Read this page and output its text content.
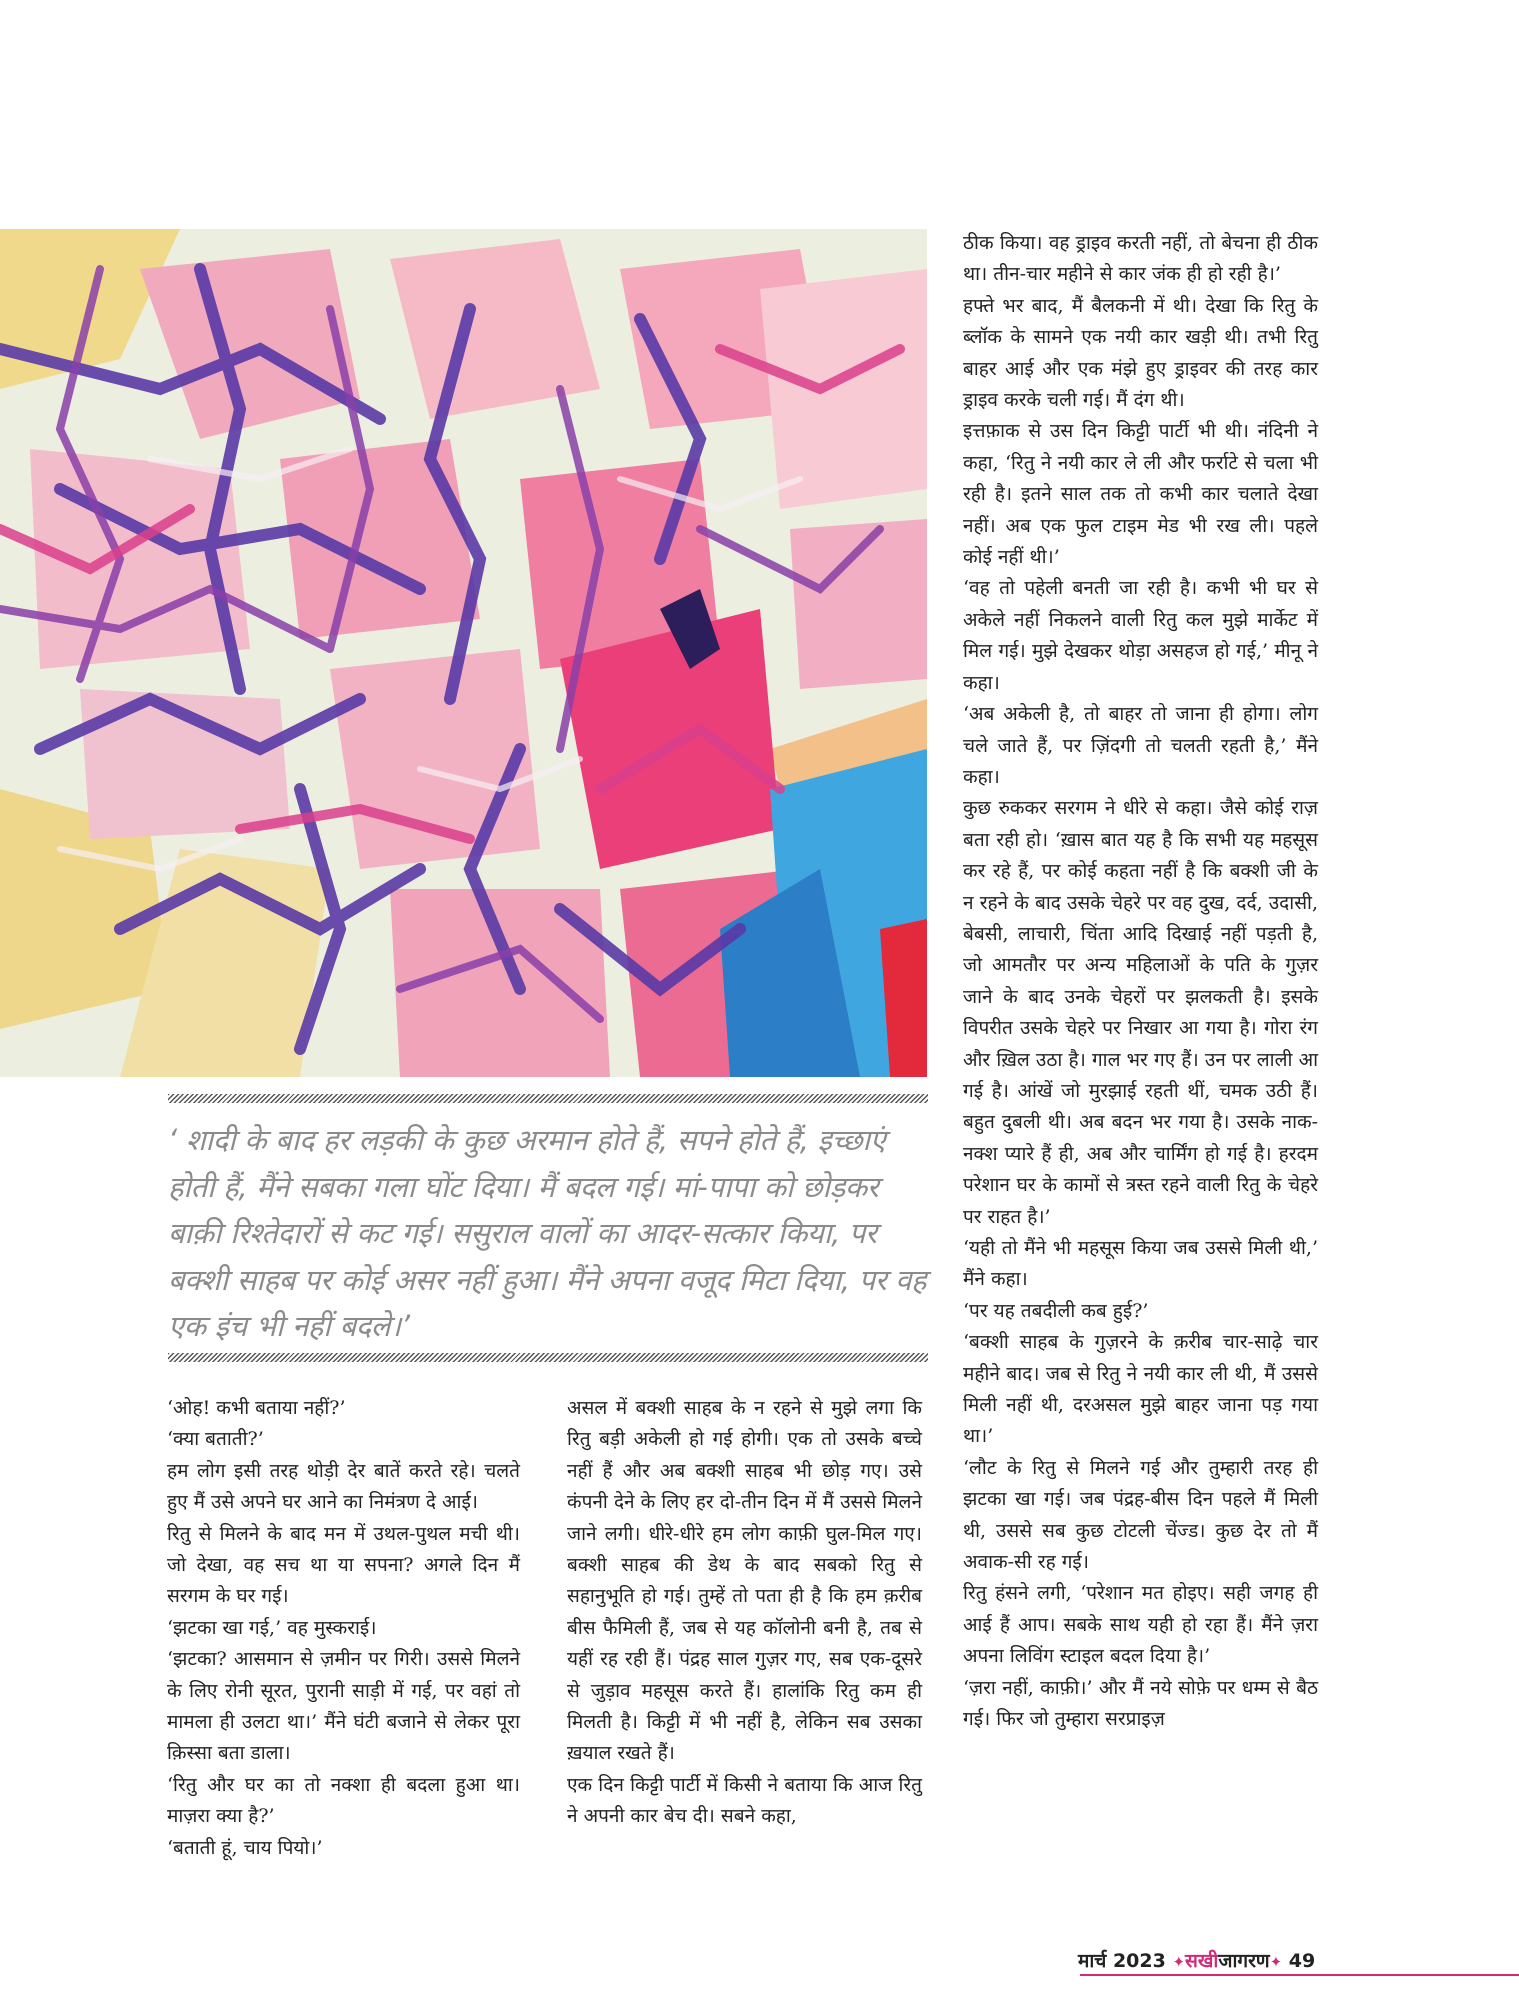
‘ शादी के बाद हर लड़की के कुछ अरमान होते हैं, सपने होते हैं, इच्छाएं होती हैं, मैंने सबका गला घोंट दिया। मैं बदल गई। मां-पापा को छोड़कर बाक़ी रिश्तेदारों से कट गई। ससुराल वालों का आदर-सत्कार किया, पर बक्शी साहब पर कोई असर नहीं हुआ। मैंने अपना वजूद मिटा दिया, पर वह एक इंच भी नहीं बदले।’

ठीक किया। वह ड्राइव करती नहीं, तो बेचना ही ठीक था। तीन-चार महीने से कार जंक ही हो रही है।’

हफ्ते भर बाद, मैं बैलकनी में थी। देखा कि रितु के ब्लॉक के सामने एक नयी कार खड़ी थी। तभी रितु बाहर आई और एक मंझे हुए ड्राइवर की तरह कार ड्राइव करके चली गई। मैं दंग थी।

इत्तफ़ाक से उस दिन किट्टी पार्टी भी थी। नंदिनी ने कहा, ‘रितु ने नयी कार ले ली और फर्राटे से चला भी रही है। इतने साल तक तो कभी कार चलाते देखा नहीं। अब एक फुल टाइम मेड भी रख ली। पहले कोई नहीं थी।’

‘वह तो पहेली बनती जा रही है। कभी भी घर से अकेले नहीं निकलने वाली रितु कल मुझे मार्केट में मिल गई। मुझे देखकर थोड़ा असहज हो गई,’ मीनू ने कहा।

‘अब अकेली है, तो बाहर तो जाना ही होगा। लोग चले जाते हैं, पर ज़िंदगी तो चलती रहती है,’ मैंने कहा।

कुछ रुककर सरगम ने धीरे से कहा। जैसे कोई राज़ बता रही हो। ‘ख़ास बात यह है कि सभी यह महसूस कर रहे हैं, पर कोई कहता नहीं है कि बक्शी जी के न रहने के बाद उसके चेहरे पर वह दुख, दर्द, उदासी, बेबसी, लाचारी, चिंता आदि दिखाई नहीं पड़ती है, जो आमतौर पर अन्य महिलाओं के पति के गुज़र जाने के बाद उनके चेहरों पर झलकती है। इसके विपरीत उसके चेहरे पर निखार आ गया है। गोरा रंग और ख़िल उठा है। गाल भर गए हैं। उन पर लाली आ गई है। आंखें जो मुरझाई रहती थीं, चमक उठी हैं। बहुत दुबली थी। अब बदन भर गया है। उसके नाक-नक्श प्यारे हैं ही, अब और चार्मिंग हो गई है। हरदम परेशान घर के कामों से त्रस्त रहने वाली रितु के चेहरे पर राहत है।’

‘यही तो मैंने भी महसूस किया जब उससे मिली थी,’ मैंने कहा।

‘पर यह तबदीली कब हुई?’

‘बक्शी साहब के गुज़रने के क़रीब चार-साढ़े चार महीने बाद। जब से रितु ने नयी कार ली थी, मैं उससे मिली नहीं थी, दरअसल मुझे बाहर जाना पड़ गया था।’

‘लौट के रितु से मिलने गई और तुम्हारी तरह ही झटका खा गई। जब पंद्रह-बीस दिन पहले मैं मिली थी, उससे सब कुछ टोटली चेंज्ड। कुछ देर तो मैं अवाक-सी रह गई।

रितु हंसने लगी, ‘परेशान मत होइए। सही जगह ही आई हैं आप। सबके साथ यही हो रहा हैं। मैंने ज़रा अपना लिविंग स्टाइल बदल दिया है।’

‘ज़रा नहीं, काफ़ी।’ और मैं नये सोफ़े पर धम्म से बैठ गई। फिर जो तुम्हारा सरप्राइज़

‘ओह! कभी बताया नहीं?’

‘क्या बताती?’

हम लोग इसी तरह थोड़ी देर बातें करते रहे। चलते हुए मैं उसे अपने घर आने का निमंत्रण दे आई।

रितु से मिलने के बाद मन में उथल-पुथल मची थी। जो देखा, वह सच था या सपना? अगले दिन मैं सरगम के घर गई।

‘झटका खा गई,’ वह मुस्कराई।

‘झटका? आसमान से ज़मीन पर गिरी। उससे मिलने के लिए रोनी सूरत, पुरानी साड़ी में गई, पर वहां तो मामला ही उलटा था।’ मैंने घंटी बजाने से लेकर पूरा क़िस्सा बता डाला।

‘रितु और घर का तो नक्शा ही बदला हुआ था। माज़रा क्या है?’

‘बताती हूं, चाय पियो।’

असल में बक्शी साहब के न रहने से मुझे लगा कि रितु बड़ी अकेली हो गई होगी। एक तो उसके बच्चे नहीं हैं और अब बक्शी साहब भी छोड़ गए। उसे कंपनी देने के लिए हर दो-तीन दिन में मैं उससे मिलने जाने लगी। धीरे-धीरे हम लोग काफ़ी घुल-मिल गए। बक्शी साहब की डेथ के बाद सबको रितु से सहानुभूति हो गई। तुम्हें तो पता ही है कि हम क़रीब बीस फैमिली हैं, जब से यह कॉलोनी बनी है, तब से यहीं रह रही हैं। पंद्रह साल गुज़र गए, सब एक-दूसरे से जुड़ाव महसूस करते हैं। हालांकि रितु कम ही मिलती है। किट्टी में भी नहीं है, लेकिन सब उसका ख़याल रखते हैं।

एक दिन किट्टी पार्टी में किसी ने बताया कि आज रितु ने अपनी कार बेच दी। सबने कहा,

मार्च 2023 ✦सखीजागरण✦ 49
